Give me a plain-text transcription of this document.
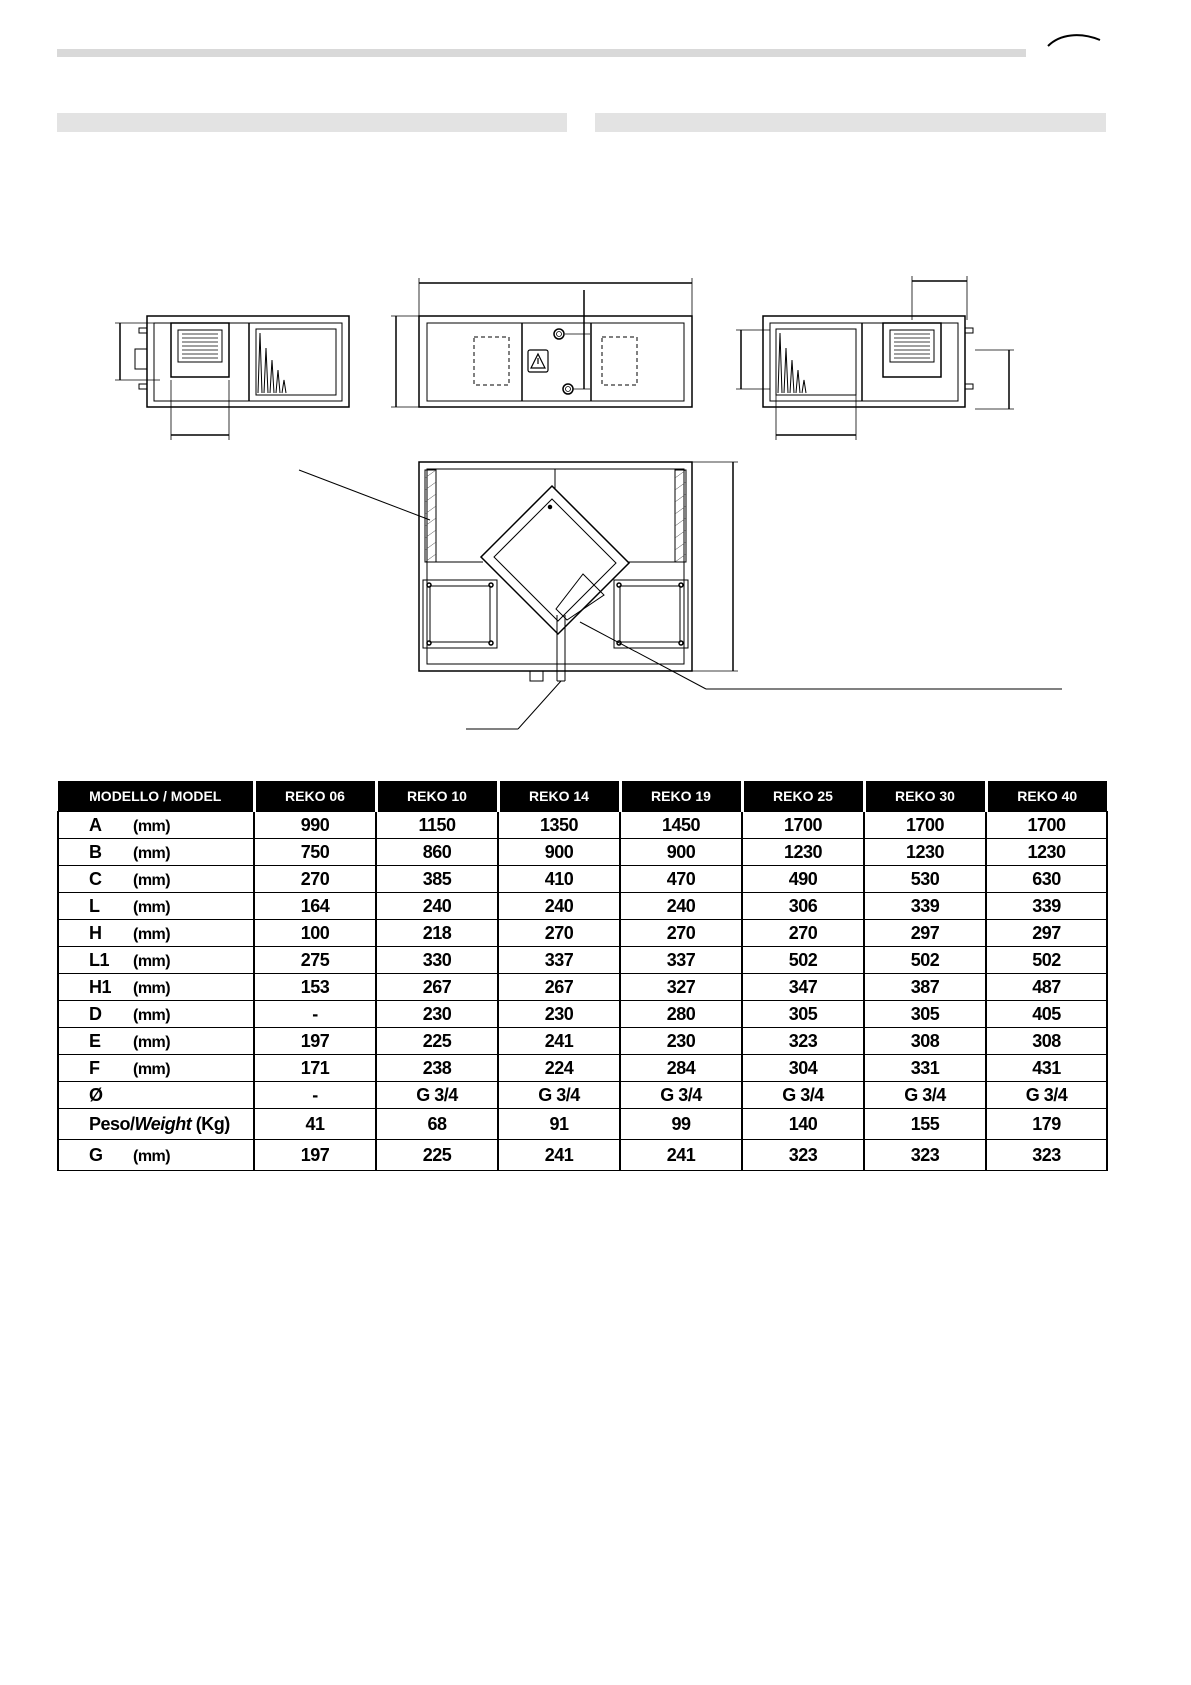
MODELLO / MODEL	REKO 06	REKO 10	REKO 14	REKO 19	REKO 25	REKO 30	REKO 40
A (mm)	990	1150	1350	1450	1700	1700	1700
B (mm)	750	860	900	900	1230	1230	1230
C (mm)	270	385	410	470	490	530	630
L (mm)	164	240	240	240	306	339	339
H (mm)	100	218	270	270	270	297	297
L1 (mm)	275	330	337	337	502	502	502
H1 (mm)	153	267	267	327	347	387	487
D (mm)	-	230	230	280	305	305	405
E (mm)	197	225	241	230	323	308	308
F (mm)	171	238	224	284	304	331	431
Ø	-	G 3/4	G 3/4	G 3/4	G 3/4	G 3/4	G 3/4
Peso/Weight (Kg)	41	68	91	99	140	155	179
G (mm)	197	225	241	241	323	323	323
